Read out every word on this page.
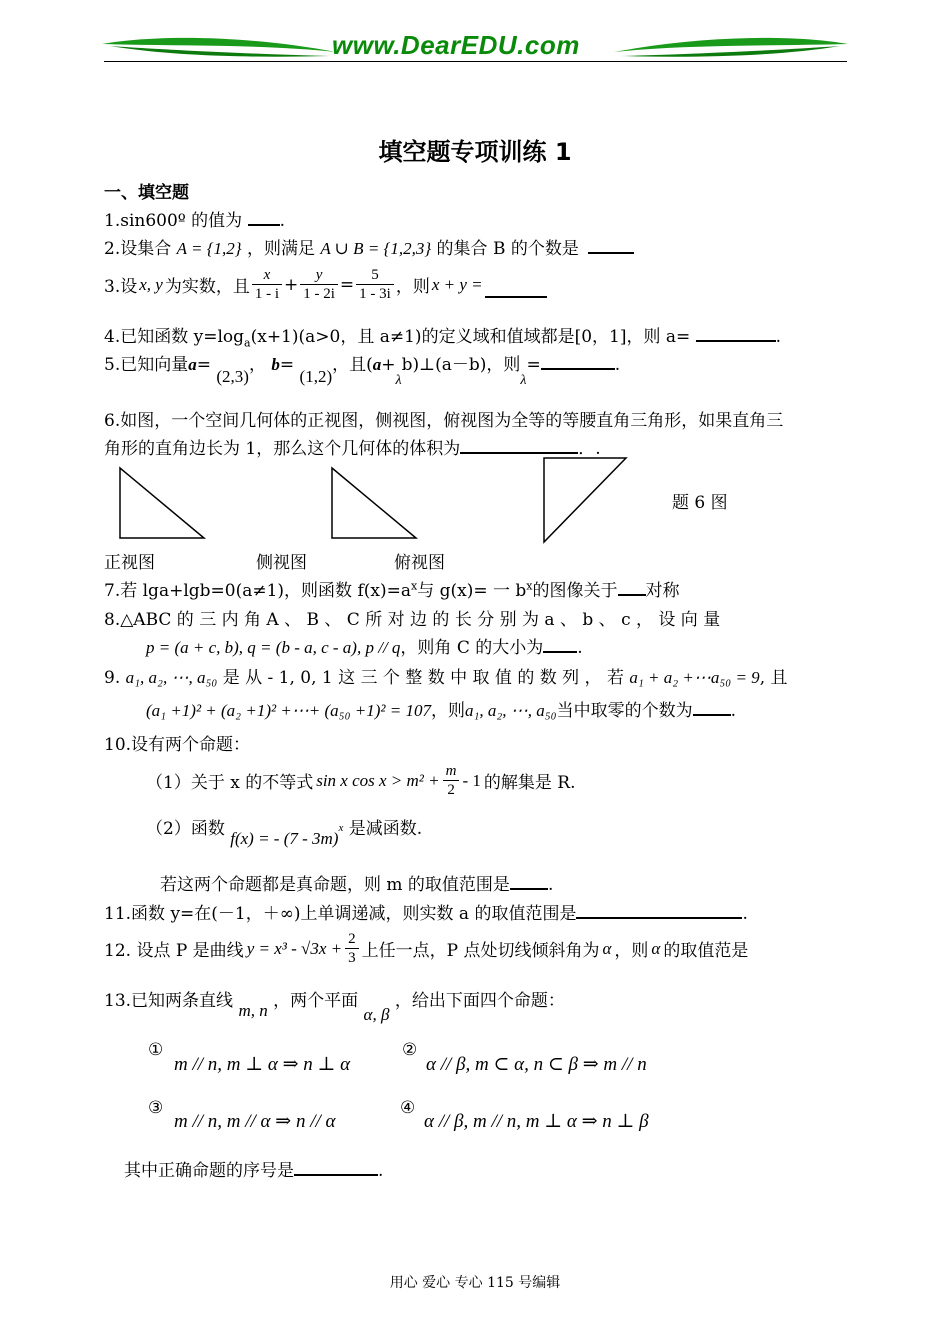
www.DearEDU.com
填空题专项训练 1
一、填空题
1.sin600º 的值为 .
2.设集合 A = {1,2} ，则满足 A ∪ B = {1,2,3} 的集合 B 的个数是
3.设 x, y 为实数，且 $\frac{x}{1 - i} + \frac{y}{1 - 2i} = \frac{5}{1 - 3i}$ ，则 x + y =
4.已知函数 $y=\log_a(x+1)(a>0$，且 a≠1)的定义域和值域都是[0，1]，则 a=	.
5.已知向量a= (2,3)， b= (1,2)，且$(a+_\lambda b)\perp(a-b)$，则$_\lambda$=	.
6.如图，一个空间几何体的正视图，侧视图，俯视图为全等的等腰直角三角形，如果直角三
角形的直角边长为 1，那么这个几何体的体积为	．.
题 6 图
正视图	侧视图	俯视图
7.若 lga+lgb=0(a≠1)，则函数 $f(x)=a^x$与 g(x)= 一 $b^x$的图像关于 对称
8.△ABC 的 三 内 角 A 、 B 、 C 所 对 边 的 长 分 别 为 a 、 b 、 c ， 设 向 量
p = (a + c, b), q = (b - a, c - a), p // q，则角 C 的大小为 .
9. a₁, a₂, ⋯, a₅₀ 是 从 - 1, 0, 1 这 三 个 整 数 中 取 值 的 数 列 ， 若 a₁ + a₂ +⋯a₅₀ = 9, 且
(a₁ +1)² + (a₂ +1)² +⋯+ (a₅₀ +1)² = 107，则a₁, a₂, ⋯, a₅₀当中取零的个数为 .
10.设有两个命题：
（1）关于 x 的不等式 sin x $\cos x > m^2 + \frac{m}{2} - 1$ 的解集是 R.
（2）函数 f(x) = - (7 - 3m)$^x$ 是减函数.
若这两个命题都是真命题，则 m 的取值范围是 .
11.函数 y=在(－1，＋∞)上单调递减，则实数 a 的取值范围是	.
12. 设点 P 是曲线 $y = x^3 - √3x + \frac{2}{3}$ 上任一点，P 点处切线倾斜角为 α ，则 α 的取值范是
13.已知两条直线 m, n ，两个平面 α, β ，给出下面四个命题：
①
m // n, m ⊥ α ⇒ n ⊥ α
②
α // β, m ⊂ α, n ⊂ β ⇒ m // n
③
m // n, m // α ⇒ n // α
④
α // β, m // n, m ⊥ α ⇒ n ⊥ β
其中正确命题的序号是	.
用心 爱心 专心 115 号编辑
